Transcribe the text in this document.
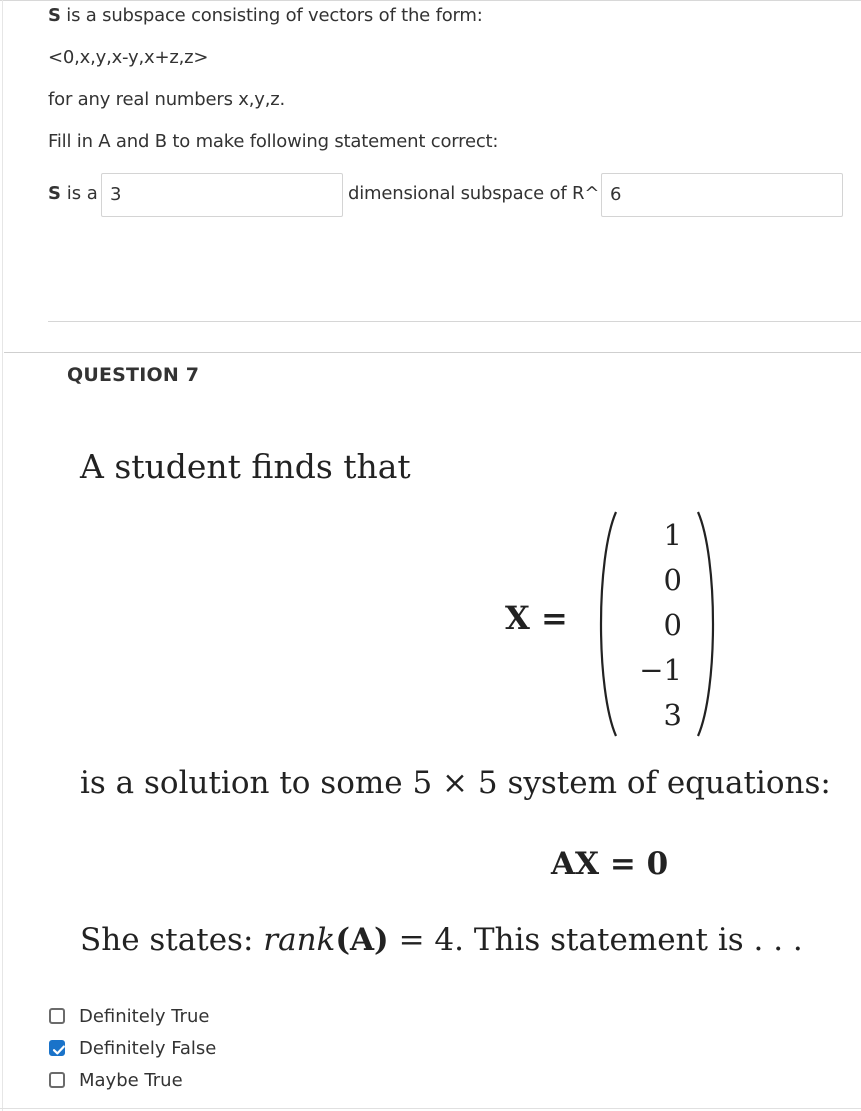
S is a subspace consisting of vectors of the form:
<0,x,y,x-y,x+z,z>
for any real numbers x,y,z.
Fill in A and B to make following statement correct:
S is a 3	dimensional subspace of R^ 6
QUESTION 7
A student finds that
X =
1
0
0
−1
3
is a solution to some 5 × 5 system of equations:
AX = 0
She states: rank(A) = 4. This statement is . . .
Definitely True
Definitely False
Maybe True
